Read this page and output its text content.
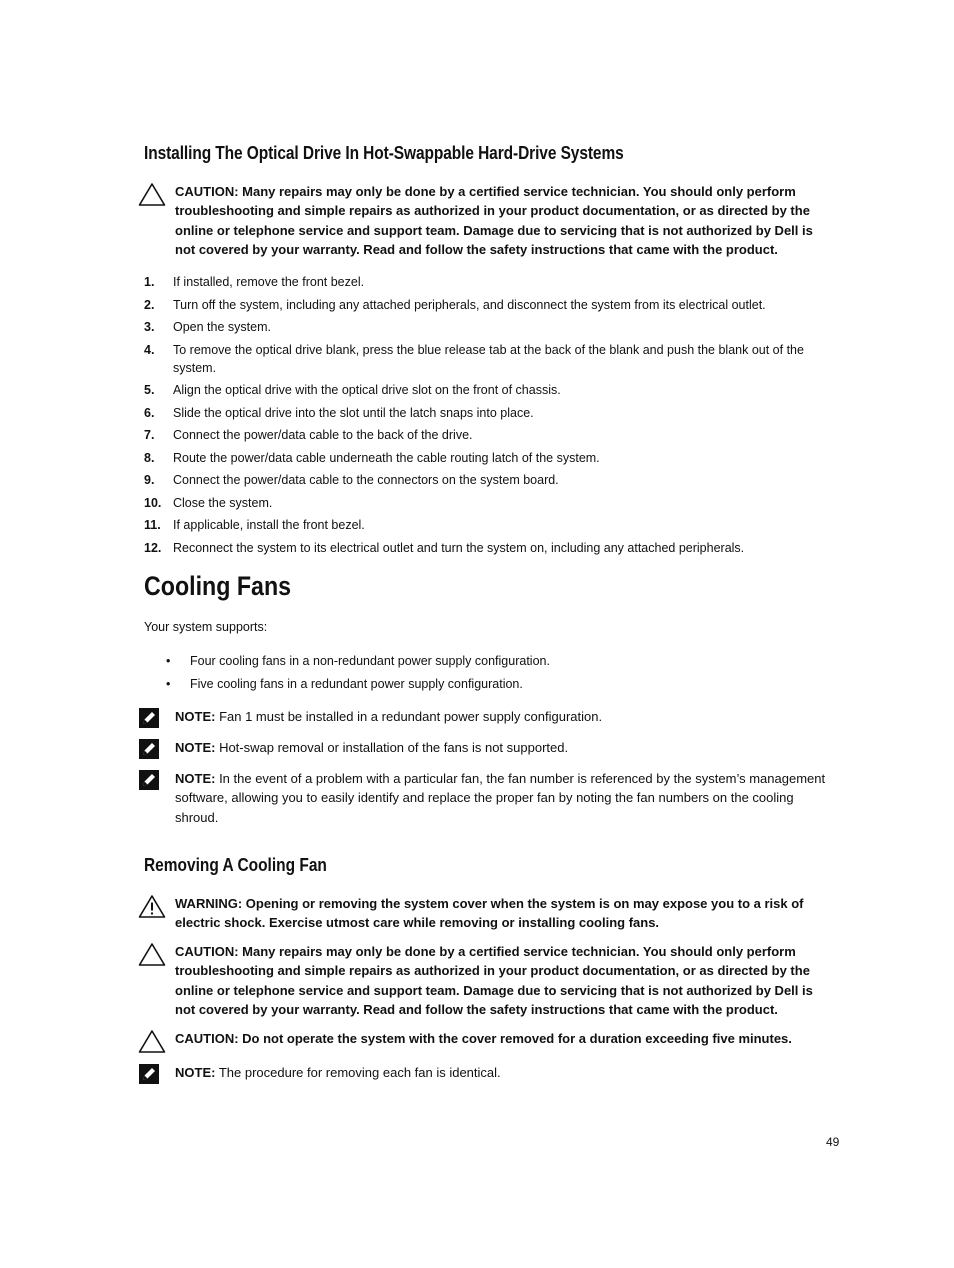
Installing The Optical Drive In Hot-Swappable Hard-Drive Systems
CAUTION: Many repairs may only be done by a certified service technician. You should only perform troubleshooting and simple repairs as authorized in your product documentation, or as directed by the online or telephone service and support team. Damage due to servicing that is not authorized by Dell is not covered by your warranty. Read and follow the safety instructions that came with the product.
1. If installed, remove the front bezel.
2. Turn off the system, including any attached peripherals, and disconnect the system from its electrical outlet.
3. Open the system.
4. To remove the optical drive blank, press the blue release tab at the back of the blank and push the blank out of the system.
5. Align the optical drive with the optical drive slot on the front of chassis.
6. Slide the optical drive into the slot until the latch snaps into place.
7. Connect the power/data cable to the back of the drive.
8. Route the power/data cable underneath the cable routing latch of the system.
9. Connect the power/data cable to the connectors on the system board.
10. Close the system.
11. If applicable, install the front bezel.
12. Reconnect the system to its electrical outlet and turn the system on, including any attached peripherals.
Cooling Fans
Your system supports:
• Four cooling fans in a non-redundant power supply configuration.
• Five cooling fans in a redundant power supply configuration.
NOTE: Fan 1 must be installed in a redundant power supply configuration.
NOTE: Hot-swap removal or installation of the fans is not supported.
NOTE: In the event of a problem with a particular fan, the fan number is referenced by the system’s management software, allowing you to easily identify and replace the proper fan by noting the fan numbers on the cooling shroud.
Removing A Cooling Fan
WARNING: Opening or removing the system cover when the system is on may expose you to a risk of electric shock. Exercise utmost care while removing or installing cooling fans.
CAUTION: Many repairs may only be done by a certified service technician. You should only perform troubleshooting and simple repairs as authorized in your product documentation, or as directed by the online or telephone service and support team. Damage due to servicing that is not authorized by Dell is not covered by your warranty. Read and follow the safety instructions that came with the product.
CAUTION: Do not operate the system with the cover removed for a duration exceeding five minutes.
NOTE: The procedure for removing each fan is identical.
49
